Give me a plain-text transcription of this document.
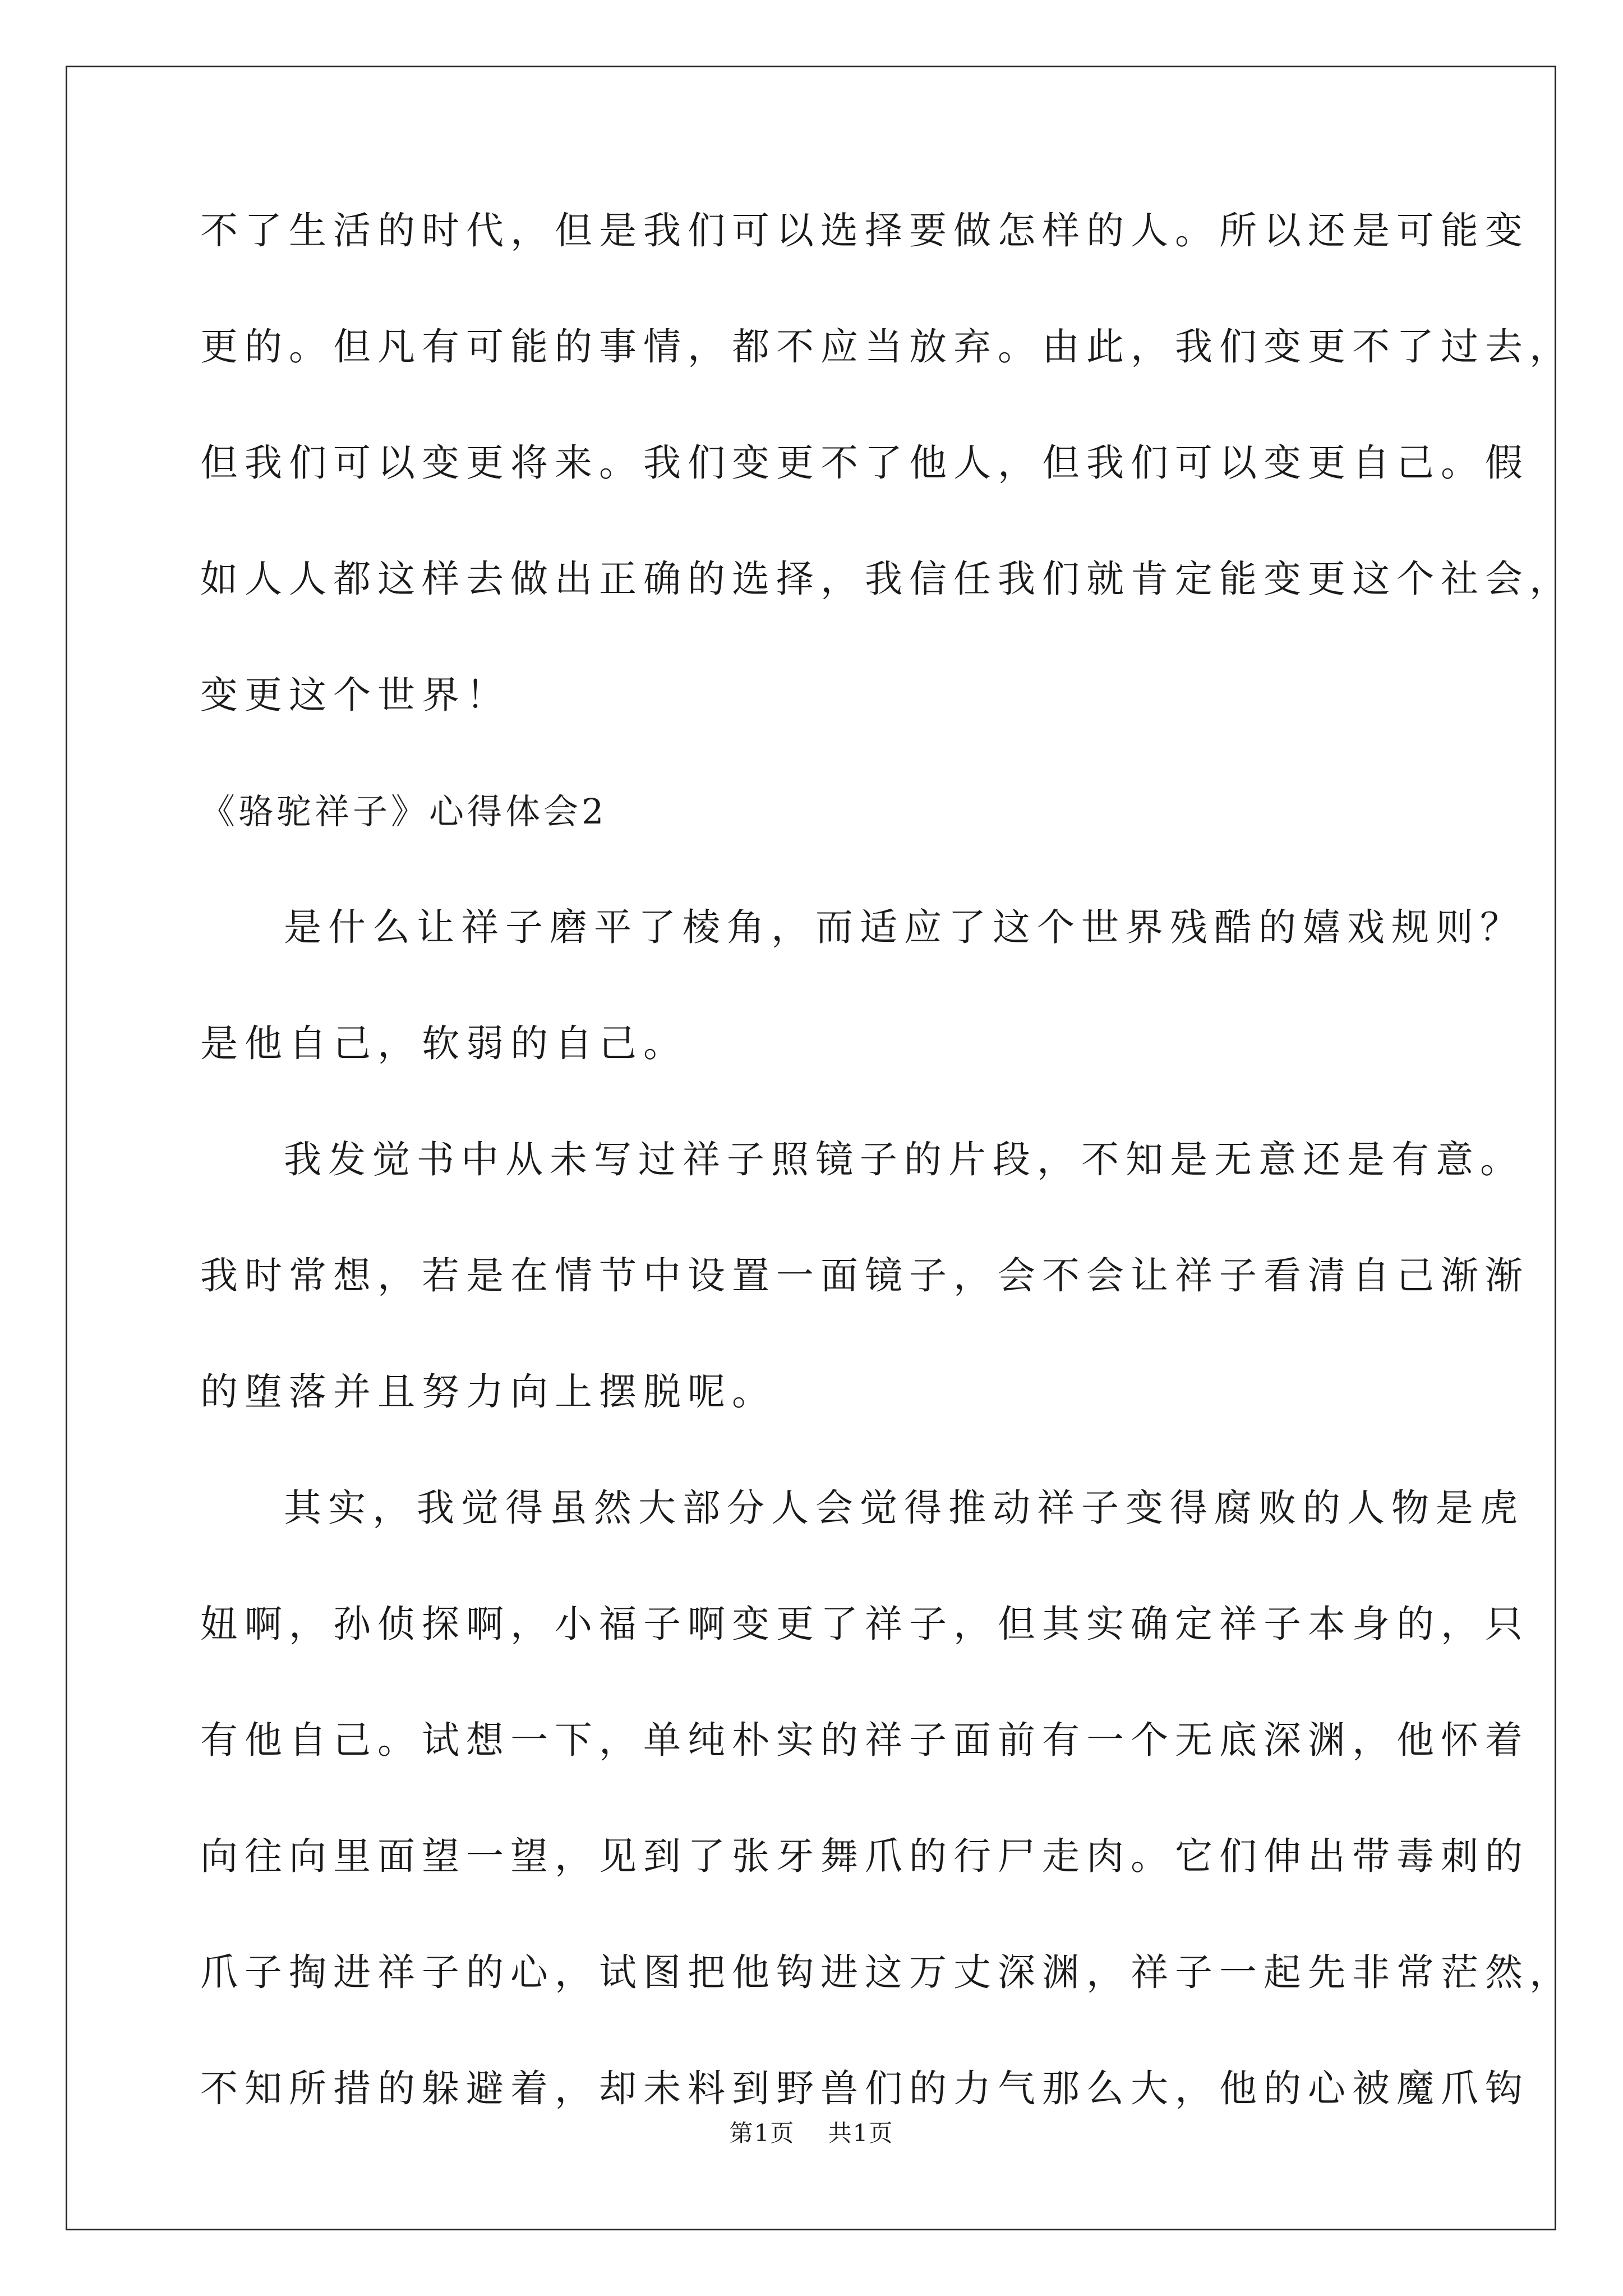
不了生活的时代，但是我们可以选择要做怎样的人。所以还是可能变
更的。但凡有可能的事情，都不应当放弃。由此，我们变更不了过去，
但我们可以变更将来。我们变更不了他人，但我们可以变更自己。假
如人人都这样去做出正确的选择，我信任我们就肯定能变更这个社会，
变更这个世界！
《骆驼祥子》心得体会2
是什么让祥子磨平了棱角，而适应了这个世界残酷的嬉戏规则？
是他自己，软弱的自己。
我发觉书中从未写过祥子照镜子的片段，不知是无意还是有意。
我时常想，若是在情节中设置一面镜子，会不会让祥子看清自己渐渐
的堕落并且努力向上摆脱呢。
其实，我觉得虽然大部分人会觉得推动祥子变得腐败的人物是虎
妞啊，孙侦探啊，小福子啊变更了祥子，但其实确定祥子本身的，只
有他自己。试想一下，单纯朴实的祥子面前有一个无底深渊，他怀着
向往向里面望一望，见到了张牙舞爪的行尸走肉。它们伸出带毒刺的
爪子掏进祥子的心，试图把他钩进这万丈深渊，祥子一起先非常茫然，
不知所措的躲避着，却未料到野兽们的力气那么大，他的心被魔爪钩
第1页 共1页
